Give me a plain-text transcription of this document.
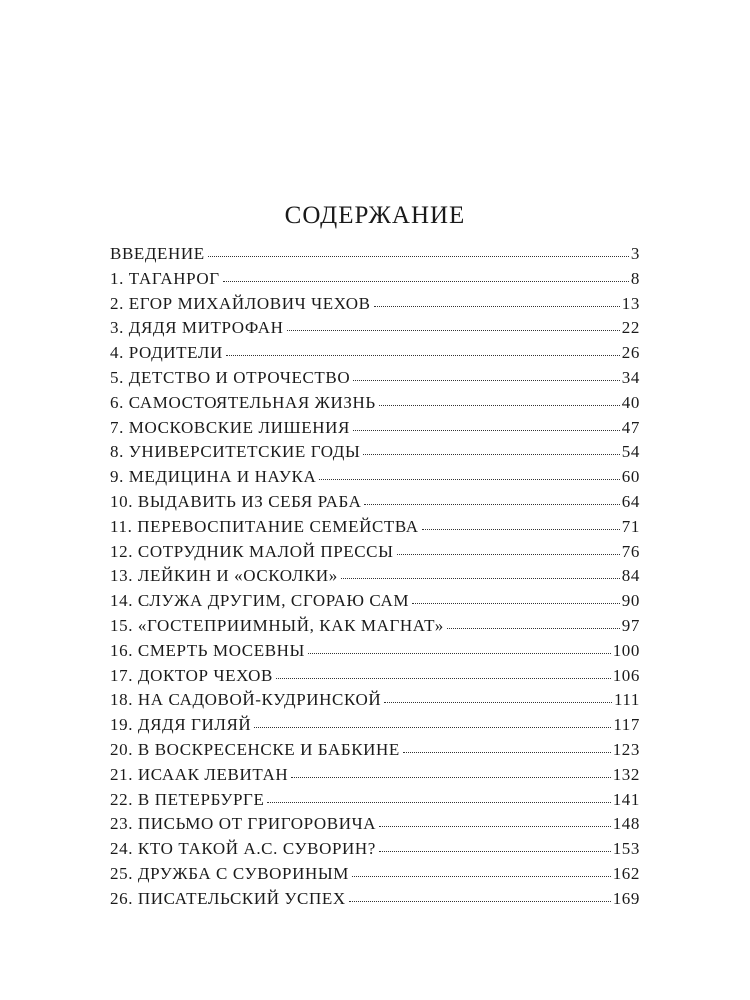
СОДЕРЖАНИЕ
ВВЕДЕНИЕ	3
1. ТАГАНРОГ	8
2. ЕГОР МИХАЙЛОВИЧ ЧЕХОВ	13
3. ДЯДЯ МИТРОФАН	22
4. РОДИТЕЛИ	26
5. ДЕТСТВО И ОТРОЧЕСТВО	34
6. САМОСТОЯТЕЛЬНАЯ ЖИЗНЬ	40
7. МОСКОВСКИЕ ЛИШЕНИЯ	47
8. УНИВЕРСИТЕТСКИЕ ГОДЫ	54
9. МЕДИЦИНА И НАУКА	60
10. ВЫДАВИТЬ ИЗ СЕБЯ РАБА	64
11. ПЕРЕВОСПИТАНИЕ СЕМЕЙСТВА	71
12. СОТРУДНИК МАЛОЙ ПРЕССЫ	76
13. ЛЕЙКИН И «ОСКОЛКИ»	84
14. СЛУЖА ДРУГИМ, СГОРАЮ САМ	90
15. «ГОСТЕПРИИМНЫЙ, КАК МАГНАТ»	97
16. СМЕРТЬ МОСЕВНЫ	100
17. ДОКТОР ЧЕХОВ	106
18. НА САДОВОЙ-КУДРИНСКОЙ	111
19. ДЯДЯ ГИЛЯЙ	117
20. В ВОСКРЕСЕНСКЕ И БАБКИНЕ	123
21. ИСААК ЛЕВИТАН	132
22. В ПЕТЕРБУРГЕ	141
23. ПИСЬМО ОТ ГРИГОРОВИЧА	148
24. КТО ТАКОЙ А.С. СУВОРИН?	153
25. ДРУЖБА С СУВОРИНЫМ	162
26. ПИСАТЕЛЬСКИЙ УСПЕХ	169
